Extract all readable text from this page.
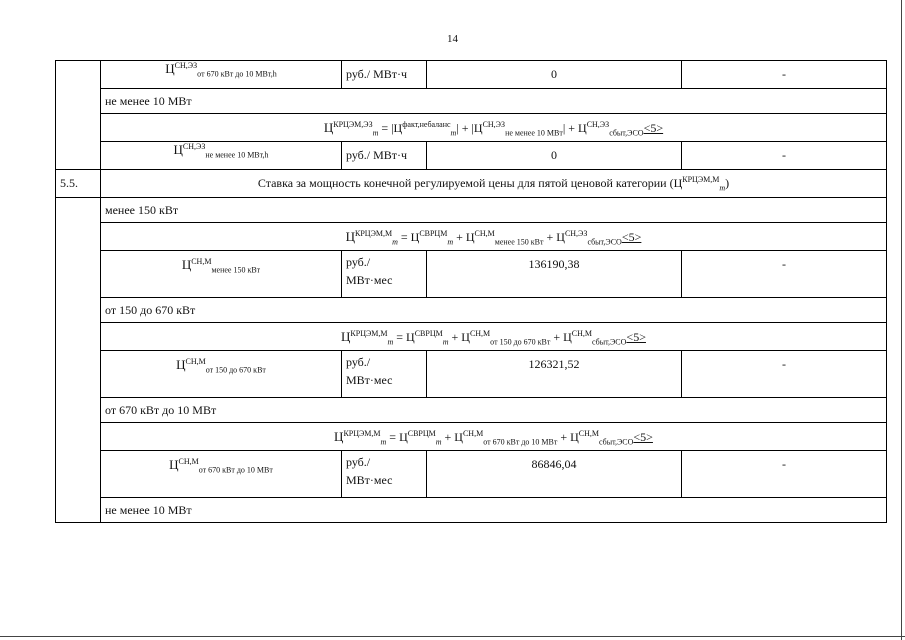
14
	$Ц^{СН,ЭЗ}_{от 670 кВт до 10 МВт,h}$	руб./ МВт·ч	0	-
	не менее 10 МВт			
	$Ц^{КРЦЭМ,ЭЗ}_m = |Ц^{факт,небаланс}_m| + |Ц^{СН,ЭЗ}_{не менее 10 МВт}| + Ц^{СН,ЭЗ}_{сбыт,ЭСО}<5>$			
	$Ц^{СН,ЭЗ}_{не менее 10 МВт,h}$	руб./ МВт·ч	0	-
5.5.	Ставка за мощность конечной регулируемой цены для пятой ценовой категории $(Ц^{КРЦЭМ,М}_m)$			
	менее 150 кВт			
	$Ц^{КРЦЭМ,М}_m = Ц^{СВРЦМ}_m + Ц^{СН,М}_{менее 150 кВт} + Ц^{СН,ЭЗ}_{сбыт,ЭСО}<5>$			
	$Ц^{СН,М}_{менее 150 кВт}$	руб./
МВт·мес	136190,38	-
	от 150 до 670 кВт			
	$Ц^{КРЦЭМ,М}_m = Ц^{СВРЦМ}_m + Ц^{СН,М}_{от 150 до 670 кВт} + Ц^{СН,М}_{сбыт,ЭСО}<5>$			
	$Ц^{СН,М}_{от 150 до 670 кВт}$	руб./
МВт·мес	126321,52	-
	от 670 кВт до 10 МВт			
	$Ц^{КРЦЭМ,М}_m = Ц^{СВРЦМ}_m + Ц^{СН,М}_{от 670 кВт до 10 МВт} + Ц^{СН,М}_{сбыт,ЭСО}<5>$			
	$Ц^{СН,М}_{от 670 кВт до 10 МВт}$	руб./
МВт·мес	86846,04	-
	не менее 10 МВт			
